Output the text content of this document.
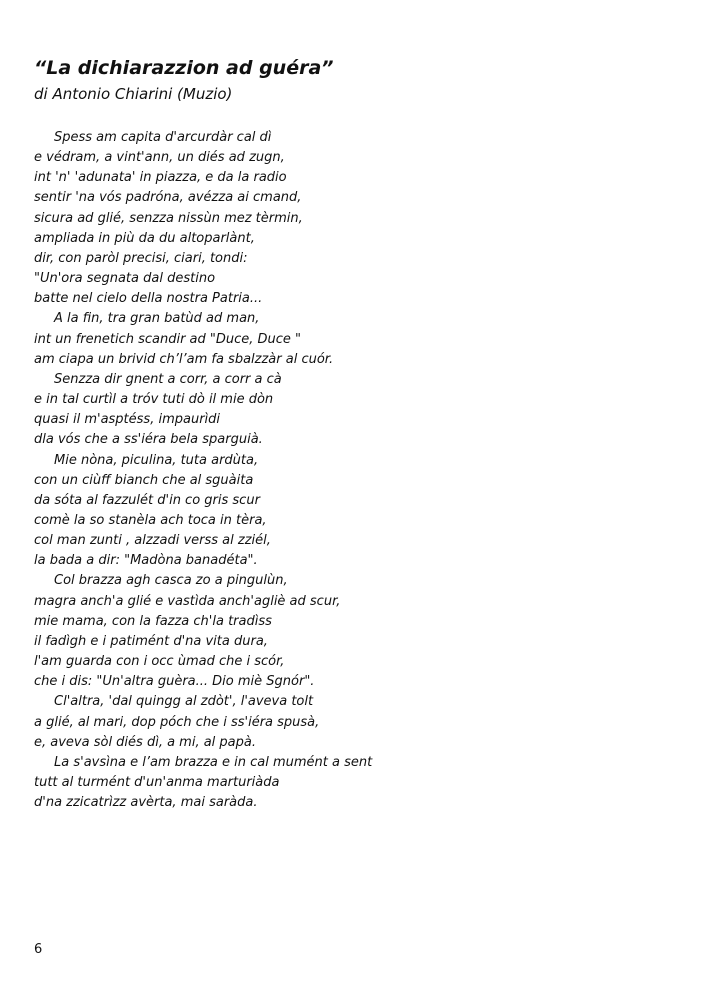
“La dichiarazzion ad guéra”

di Antonio Chiarini (Muzio)

Spess am capita d'arcurdàr cal dì
e védram, a vint'ann, un diés ad zugn,
int 'n' 'adunata' in piazza, e da la radio
sentir 'na vós padróna, avézza ai cmand,
sicura ad glié, senzza nissùn mez tèrmin,
ampliada in più da du altoparlànt,
dir, con paròl precisi, ciari, tondi:
"Un'ora segnata dal destino
batte nel cielo della nostra Patria...
A la fin, tra gran batùd ad man,
int un frenetich scandir ad "Duce, Duce "
am ciapa un brivid ch’l’am fa sbalzzàr al cuór.
Senzza dir gnent a corr, a corr a cà
e in tal curtìl a tróv tuti dò il mie dòn
quasi il m'asptéss, impaurìdi
dla vós che a ss'iéra bela sparguià.
Mie nòna, piculina, tuta ardùta,
con un ciùff bianch che al sguàita
da sóta al fazzulét d'in co gris scur
comè la so stanèla ach toca in tèra,
col man zunti , alzzadi verss al zziél,
la bada a dir: "Madòna banadéta".
Col brazza agh casca zo a pingulùn,
magra anch'a glié e vastìda anch'agliè ad scur,
mie mama, con la fazza ch'la tradìss
il fadìgh e i patimént d'na vita dura,
l'am guarda con i occ ùmad che i scór,
che i dis: "Un'altra guèra... Dio miè Sgnór".
Cl'altra, 'dal quingg al zdòt', l'aveva tolt
a glié, al mari, dop póch che i ss'iéra spusà,
e, aveva sòl diés dì, a mi, al papà.
La s'avsìna e l’am brazza e in cal mumént a sent
tutt al turmént d'un'anma marturiàda
d'na zzicatrìzz avèrta, mai saràda.
6
